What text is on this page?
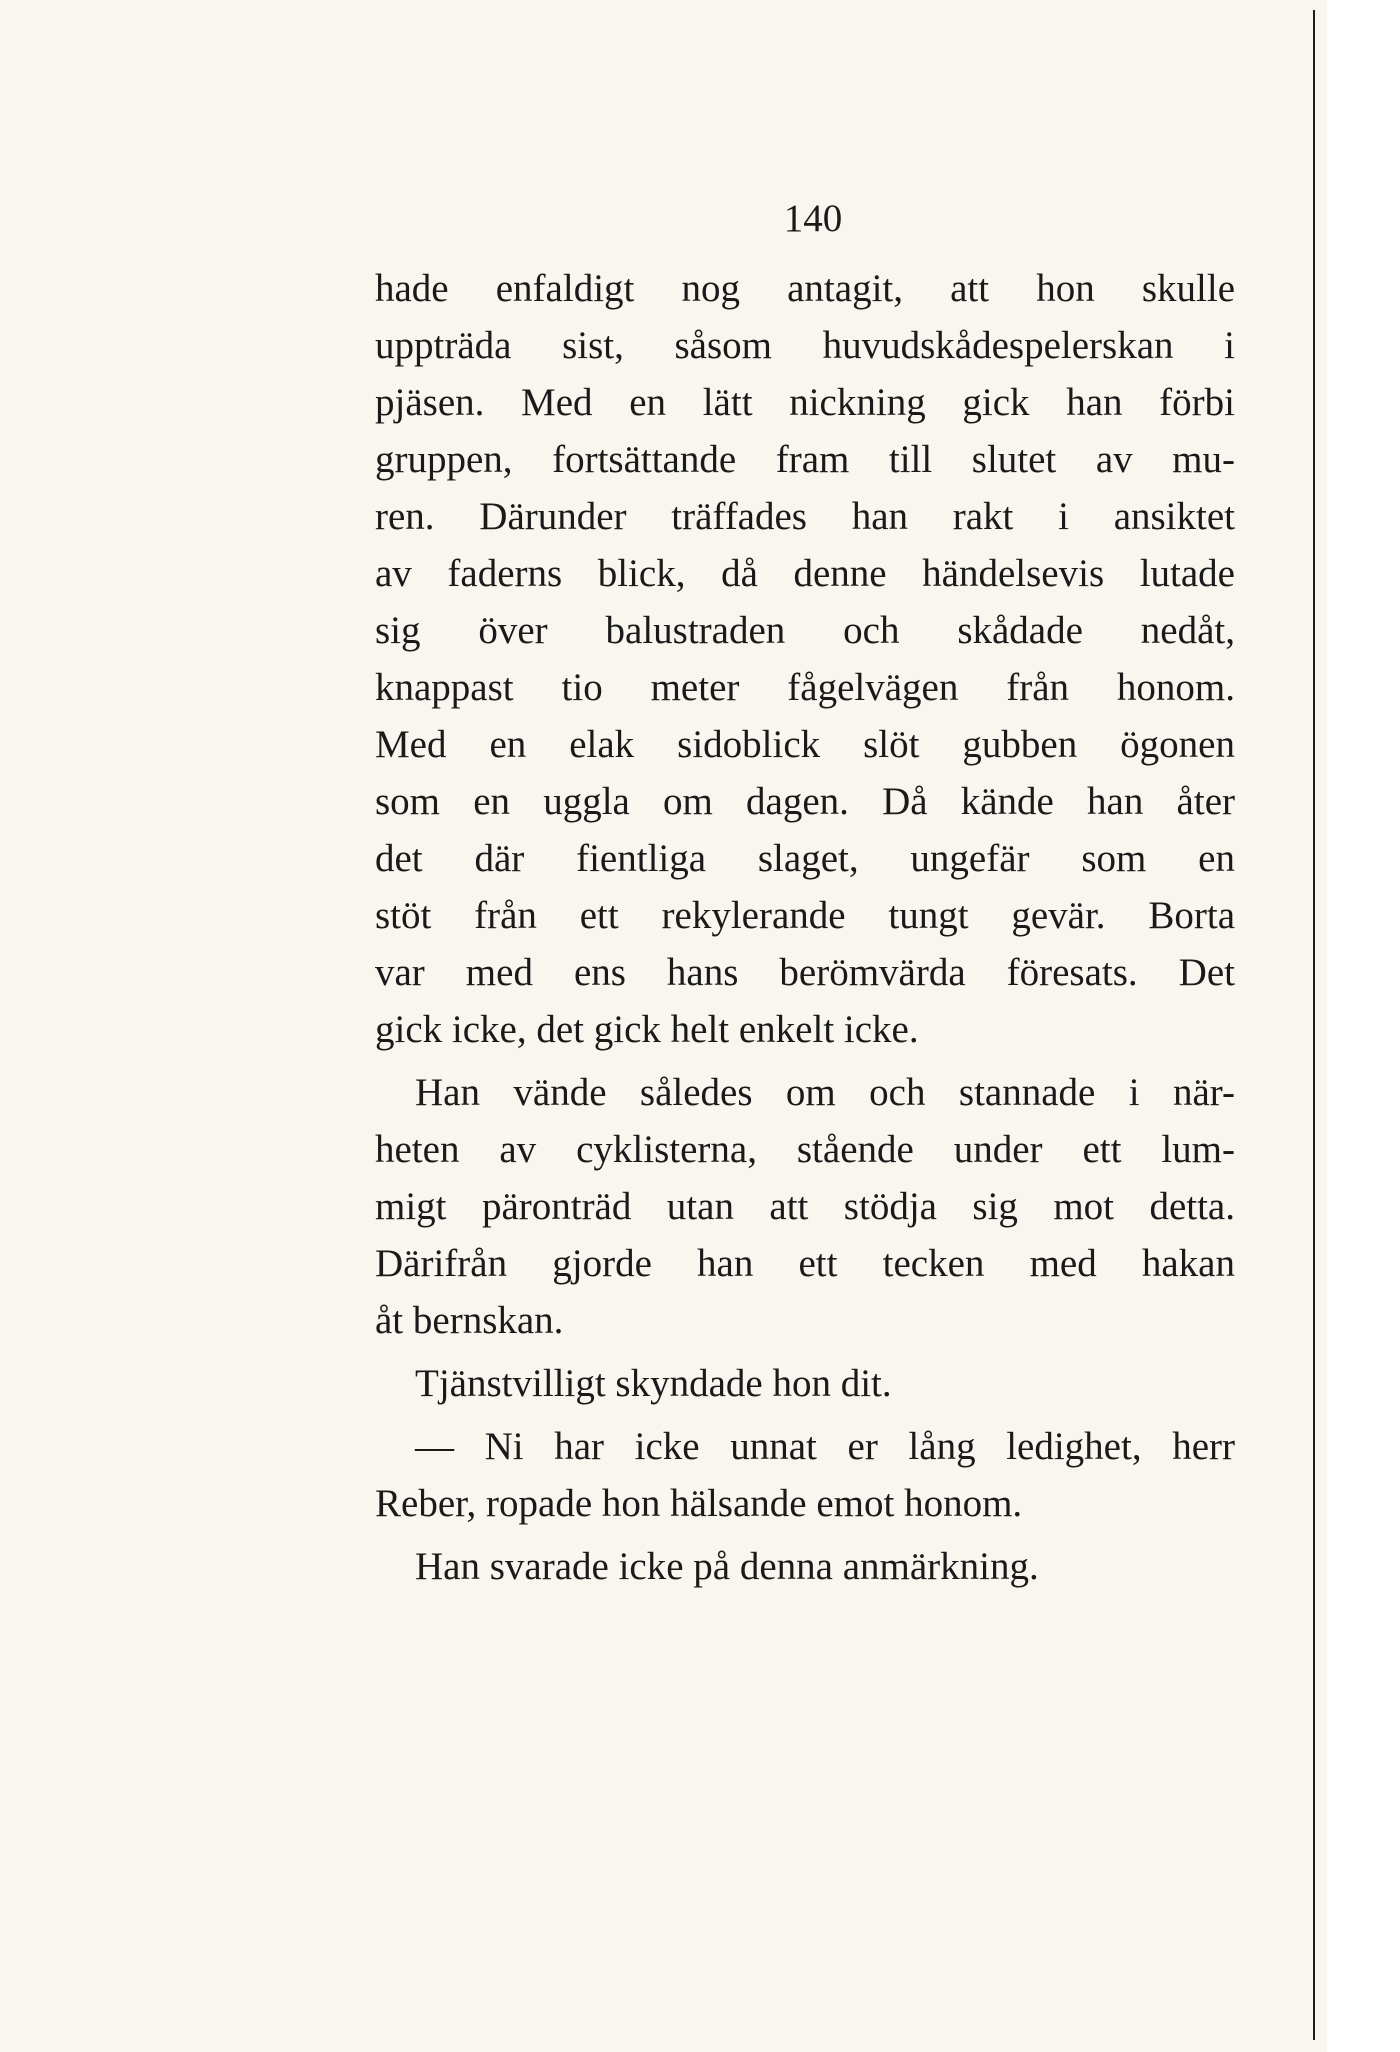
140
hade enfaldigt nog antagit, att hon skulle
uppträda sist, såsom huvudskådespelerskan i
pjäsen. Med en lätt nickning gick han förbi
gruppen, fortsättande fram till slutet av mu-
ren. Därunder träffades han rakt i ansiktet
av faderns blick, då denne händelsevis lutade
sig över balustraden och skådade nedåt,
knappast tio meter fågelvägen från honom.
Med en elak sidoblick slöt gubben ögonen
som en uggla om dagen. Då kände han åter
det där fientliga slaget, ungefär som en
stöt från ett rekylerande tungt gevär. Borta
var med ens hans berömvärda föresats. Det
gick icke, det gick helt enkelt icke.
Han vände således om och stannade i när-
heten av cyklisterna, stående under ett lum-
migt päronträd utan att stödja sig mot detta.
Därifrån gjorde han ett tecken med hakan
åt bernskan.
Tjänstvilligt skyndade hon dit.
— Ni har icke unnat er lång ledighet, herr
Reber, ropade hon hälsande emot honom.
Han svarade icke på denna anmärkning.
